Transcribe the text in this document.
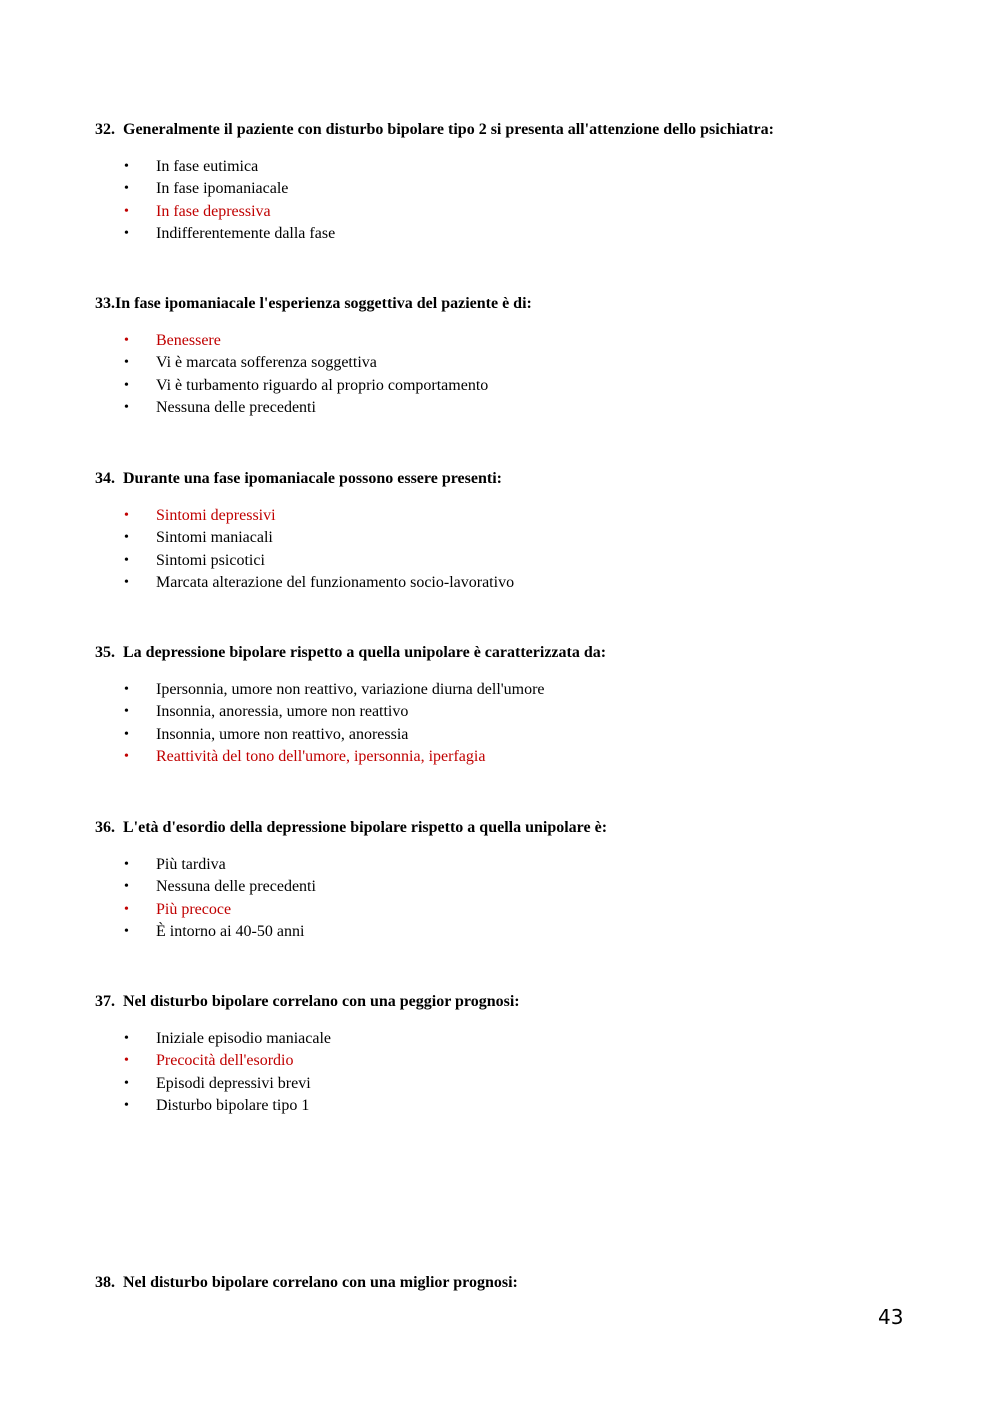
32. Generalmente il paziente con disturbo bipolare tipo 2 si presenta all'attenzione dello psichiatra:

• In fase eutimica
• In fase ipomaniacale
• In fase depressiva
• Indifferentemente dalla fase

33.In fase ipomaniacale l'esperienza soggettiva del paziente è di:

• Benessere
• Vi è marcata sofferenza soggettiva
• Vi è turbamento riguardo al proprio comportamento
• Nessuna delle precedenti

34. Durante una fase ipomaniacale possono essere presenti:

• Sintomi depressivi
• Sintomi maniacali
• Sintomi psicotici
• Marcata alterazione del funzionamento socio-lavorativo

35. La depressione bipolare rispetto a quella unipolare è caratterizzata da:

• Ipersonnia, umore non reattivo, variazione diurna dell'umore
• Insonnia, anoressia, umore non reattivo
• Insonnia, umore non reattivo, anoressia
• Reattività del tono dell'umore, ipersonnia, iperfagia

36. L'età d'esordio della depressione bipolare rispetto a quella unipolare è:

• Più tardiva
• Nessuna delle precedenti
• Più precoce
• È intorno ai 40-50 anni

37. Nel disturbo bipolare correlano con una peggior prognosi:

• Iniziale episodio maniacale
• Precocità dell'esordio
• Episodi depressivi brevi
• Disturbo bipolare tipo 1

38. Nel disturbo bipolare correlano con una miglior prognosi:

43
